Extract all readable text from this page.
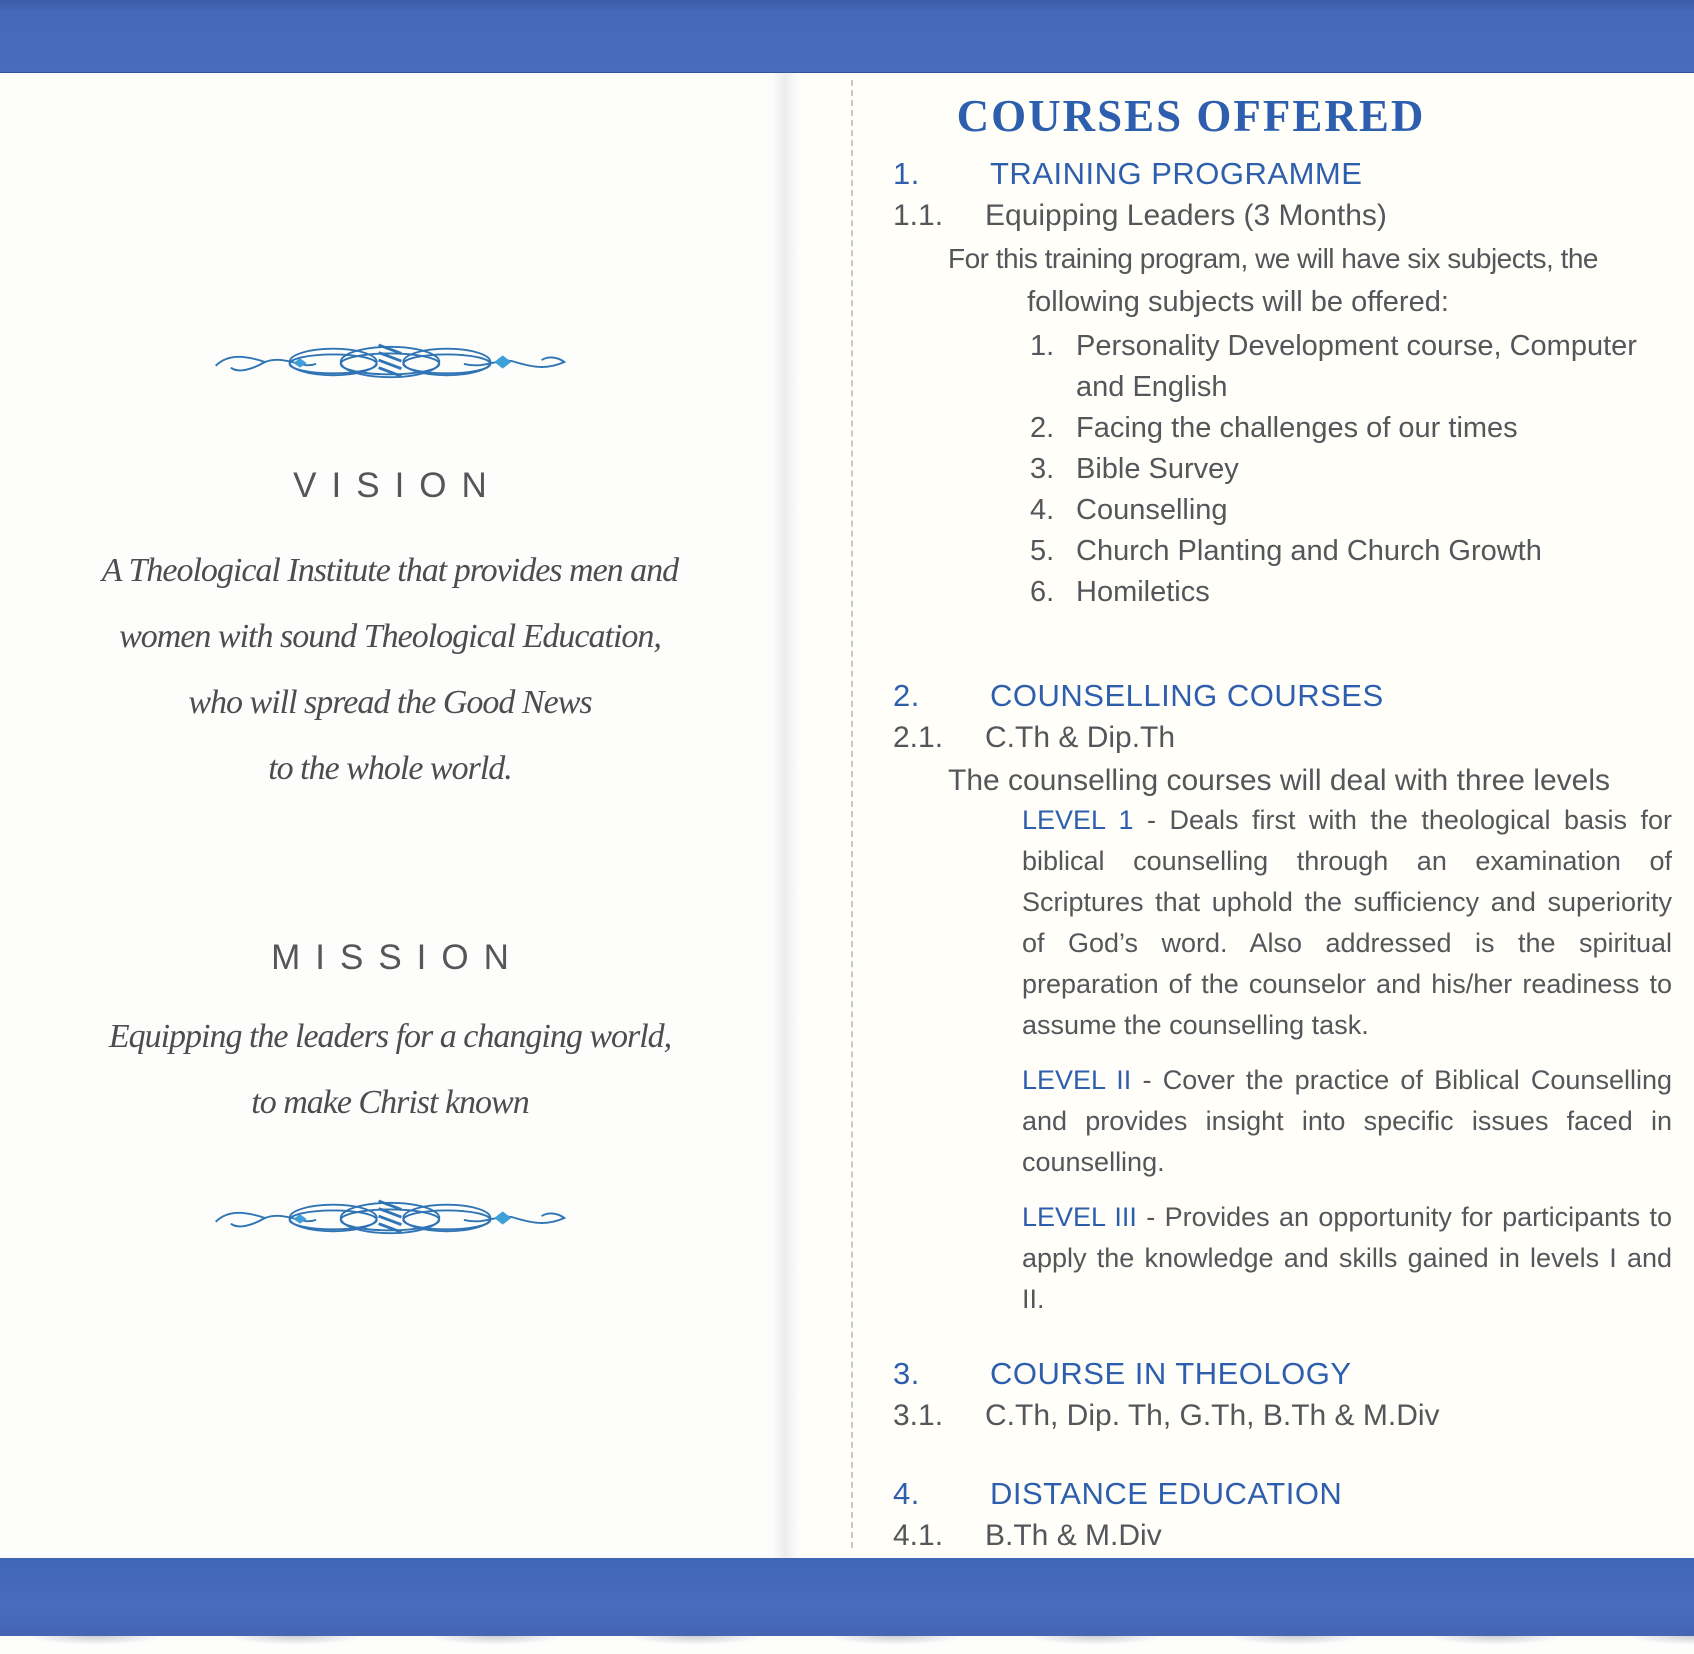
VISION
A Theological Institute that provides men and
women with sound Theological Education,
who will spread the Good News
to the whole world.
MISSION
Equipping the leaders for a changing world,
to make Christ known
COURSES OFFERED
1.	TRAINING PROGRAMME
1.1.	Equipping Leaders (3 Months)
For this training program, we will have six subjects, the
following subjects will be offered:
1. Personality Development course, Computer and English
2. Facing the challenges of our times
3. Bible Survey
4. Counselling
5. Church Planting and Church Growth
6. Homiletics
2.	COUNSELLING COURSES
2.1.	C.Th & Dip.Th
The counselling courses will deal with three levels

LEVEL 1 - Deals first with the theological basis for biblical counselling through an examination of Scriptures that uphold the sufficiency and superiority of God’s word. Also addressed is the spiritual preparation of the counselor and his/her readiness to assume the counselling task.

LEVEL II - Cover the practice of Biblical Counselling and provides insight into specific issues faced in counselling.

LEVEL III - Provides an opportunity for participants to apply the knowledge and skills gained in levels I and II.

3.	COURSE IN THEOLOGY
3.1.	C.Th, Dip. Th, G.Th, B.Th & M.Div
4.	DISTANCE EDUCATION
4.1.	B.Th & M.Div
